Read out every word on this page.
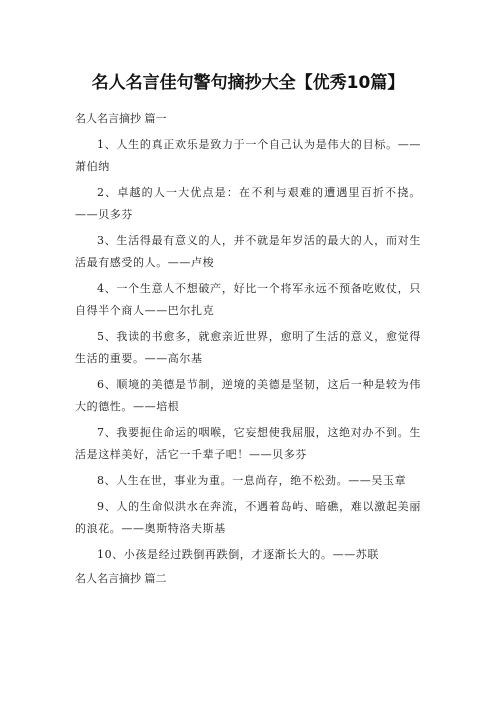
名人名言佳句警句摘抄大全【优秀10篇】

名人名言摘抄 篇一

1、人生的真正欢乐是致力于一个自己认为是伟大的目标。——萧伯纳

2、卓越的人一大优点是：在不利与艰难的遭遇里百折不挠。——贝多芬

3、生活得最有意义的人，并不就是年岁活的最大的人，而对生活最有感受的人。——卢梭

4、一个生意人不想破产，好比一个将军永远不预备吃败仗，只自得半个商人——巴尔扎克

5、我读的书愈多，就愈亲近世界，愈明了生活的意义，愈觉得生活的重要。——高尔基

6、顺境的美德是节制，逆境的美德是坚韧，这后一种是较为伟大的德性。——培根

7、我要扼住命运的咽喉，它妄想使我屈服，这绝对办不到。生活是这样美好，活它一千辈子吧！——贝多芬

8、人生在世，事业为重。一息尚存，绝不松劲。——吴玉章

9、人的生命似洪水在奔流，不遇着岛屿、暗礁，难以激起美丽的浪花。——奥斯特洛夫斯基

10、小孩是经过跌倒再跌倒，才逐渐长大的。——苏联

名人名言摘抄 篇二
